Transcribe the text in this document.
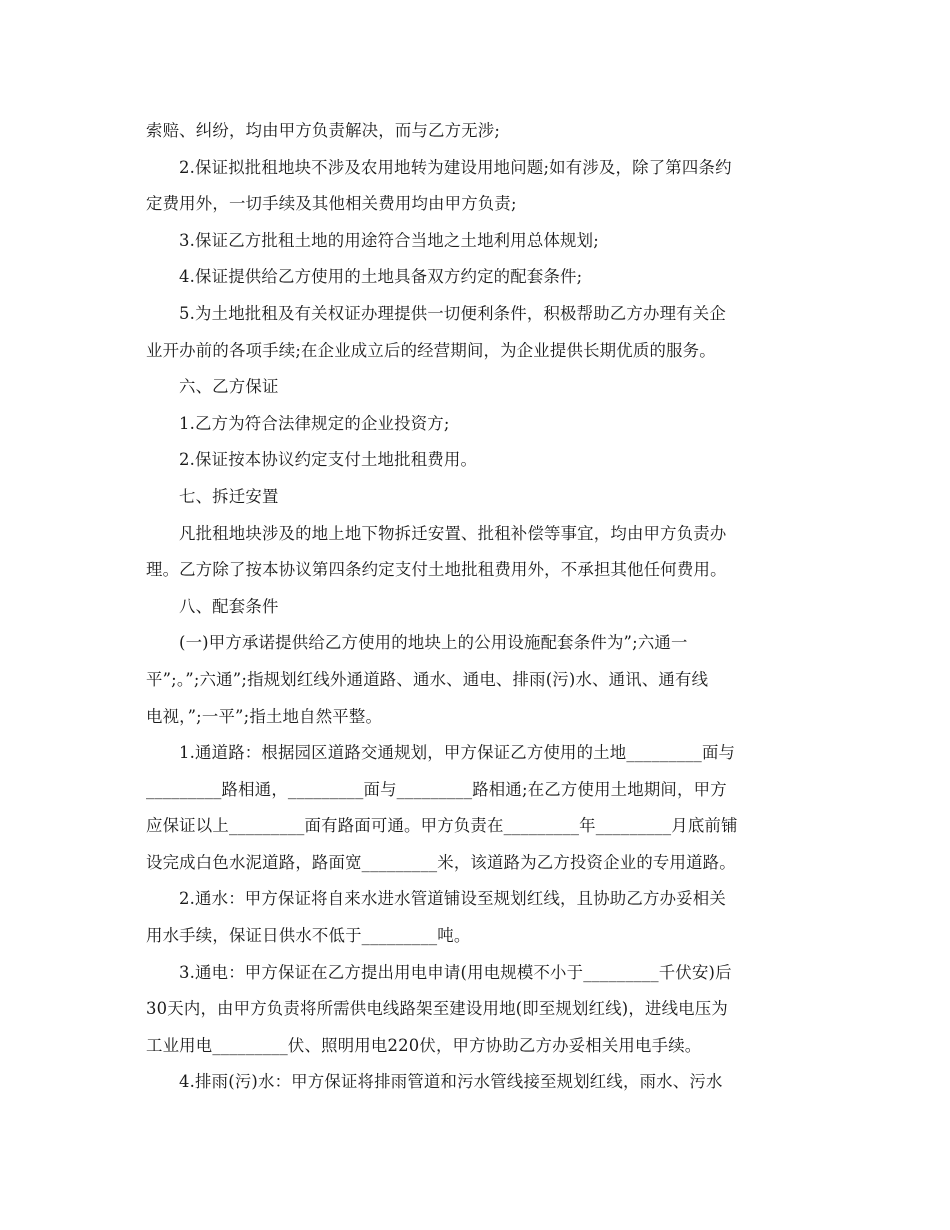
索赔、纠纷，均由甲方负责解决，而与乙方无涉;
2.保证拟批租地块不涉及农用地转为建设用地问题;如有涉及，除了第四条约
定费用外，一切手续及其他相关费用均由甲方负责;
3.保证乙方批租土地的用途符合当地之土地利用总体规划;
4.保证提供给乙方使用的土地具备双方约定的配套条件;
5.为土地批租及有关权证办理提供一切便利条件，积极帮助乙方办理有关企
业开办前的各项手续;在企业成立后的经营期间，为企业提供长期优质的服务。
六、乙方保证
1.乙方为符合法律规定的企业投资方;
2.保证按本协议约定支付土地批租费用。
七、拆迁安置
凡批租地块涉及的地上地下物拆迁安置、批租补偿等事宜，均由甲方负责办
理。乙方除了按本协议第四条约定支付土地批租费用外，不承担其他任何费用。
八、配套条件
(一)甲方承诺提供给乙方使用的地块上的公用设施配套条件为”;六通一
平”;。”;六通”;指规划红线外通道路、通水、通电、排雨(污)水、通讯、通有线
电视，”;一平”;指土地自然平整。
1.通道路：根据园区道路交通规划，甲方保证乙方使用的土地_________面与
_________路相通，_________面与_________路相通;在乙方使用土地期间，甲方
应保证以上_________面有路面可通。甲方负责在_________年_________月底前铺
设完成白色水泥道路，路面宽_________米，该道路为乙方投资企业的专用道路。
2.通水：甲方保证将自来水进水管道铺设至规划红线，且协助乙方办妥相关
用水手续，保证日供水不低于_________吨。
3.通电：甲方保证在乙方提出用电申请(用电规模不小于_________千伏安)后
30天内，由甲方负责将所需供电线路架至建设用地(即至规划红线)，进线电压为
工业用电_________伏、照明用电220伏，甲方协助乙方办妥相关用电手续。
4.排雨(污)水：甲方保证将排雨管道和污水管线接至规划红线，雨水、污水
